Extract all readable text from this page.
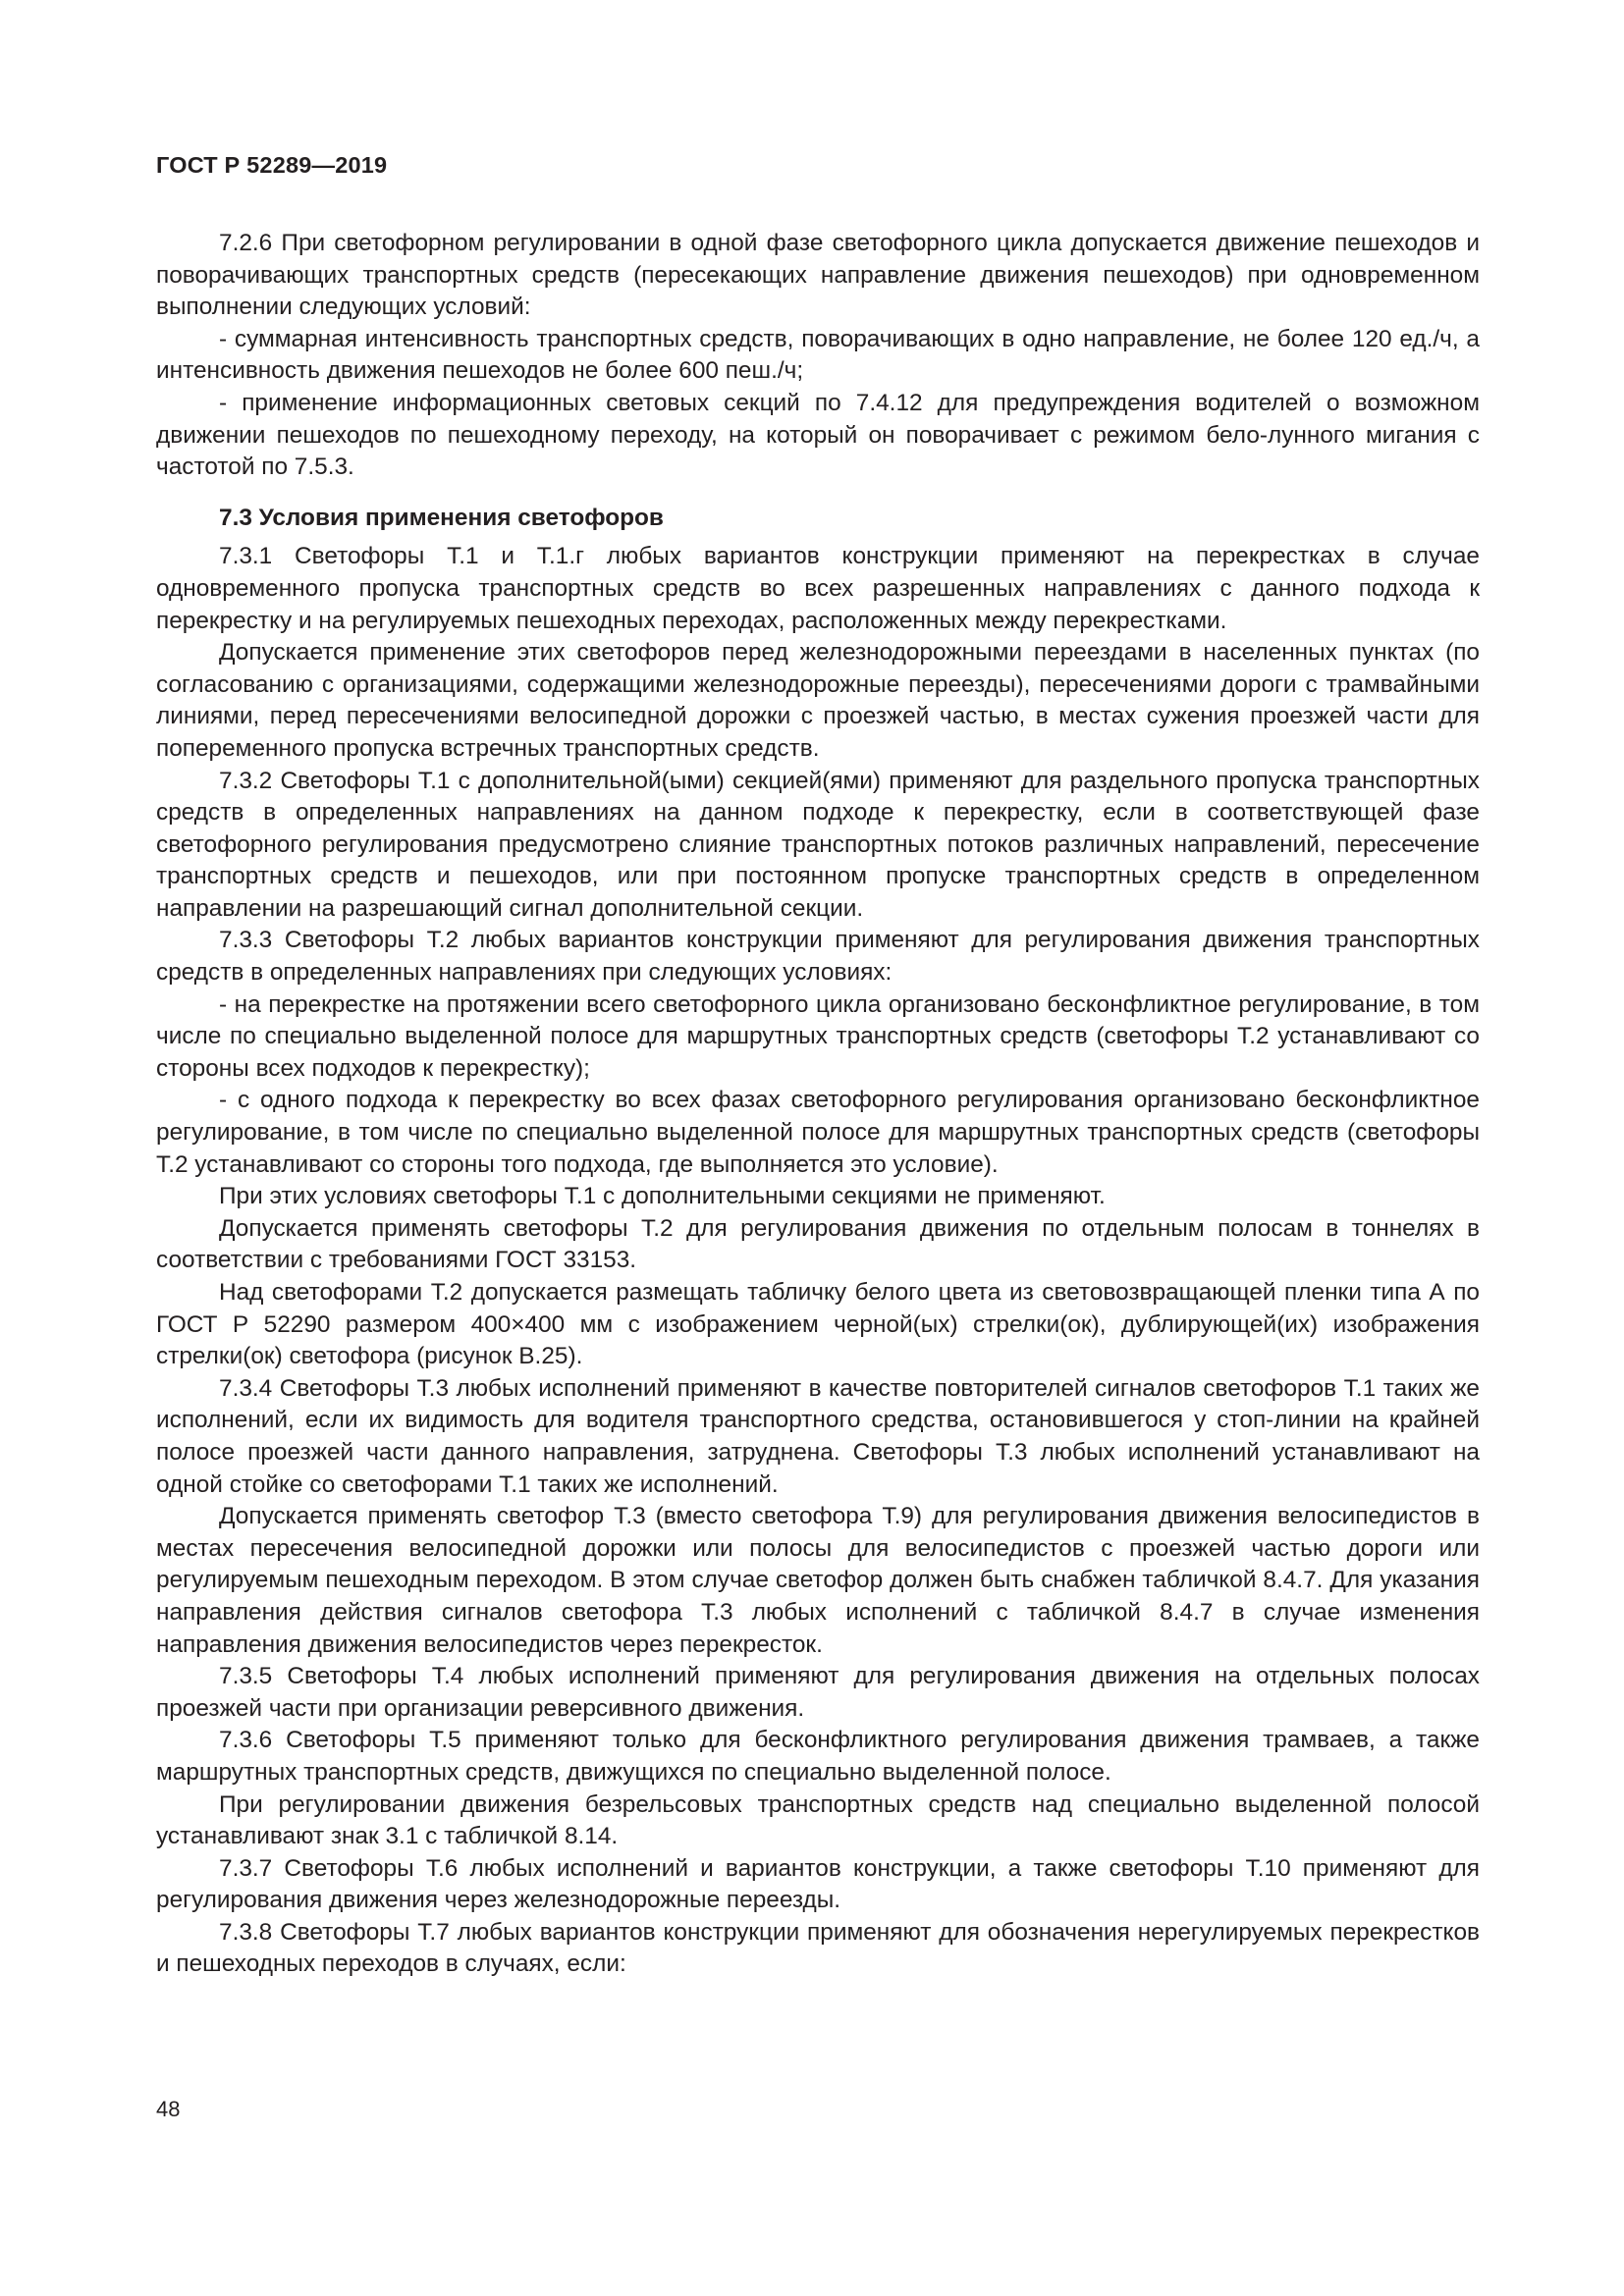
ГОСТ Р 52289—2019

7.2.6 При светофорном регулировании в одной фазе светофорного цикла допускается движение пешеходов и поворачивающих транспортных средств (пересекающих направление движения пешеходов) при одновременном выполнении следующих условий:

- суммарная интенсивность транспортных средств, поворачивающих в одно направление, не более 120 ед./ч, а интенсивность движения пешеходов не более 600 пеш./ч;

- применение информационных световых секций по 7.4.12 для предупреждения водителей о возможном движении пешеходов по пешеходному переходу, на который он поворачивает с режимом бело-лунного мигания с частотой по 7.5.3.

7.3 Условия применения светофоров

7.3.1 Светофоры Т.1 и Т.1.г любых вариантов конструкции применяют на перекрестках в случае одновременного пропуска транспортных средств во всех разрешенных направлениях с данного подхода к перекрестку и на регулируемых пешеходных переходах, расположенных между перекрестками.

Допускается применение этих светофоров перед железнодорожными переездами в населенных пунктах (по согласованию с организациями, содержащими железнодорожные переезды), пересечениями дороги с трамвайными линиями, перед пересечениями велосипедной дорожки с проезжей частью, в местах сужения проезжей части для попеременного пропуска встречных транспортных средств.

7.3.2 Светофоры Т.1 с дополнительной(ыми) секцией(ями) применяют для раздельного пропуска транспортных средств в определенных направлениях на данном подходе к перекрестку, если в соответствующей фазе светофорного регулирования предусмотрено слияние транспортных потоков различных направлений, пересечение транспортных средств и пешеходов, или при постоянном пропуске транспортных средств в определенном направлении на разрешающий сигнал дополнительной секции.

7.3.3 Светофоры Т.2 любых вариантов конструкции применяют для регулирования движения транспортных средств в определенных направлениях при следующих условиях:

- на перекрестке на протяжении всего светофорного цикла организовано бесконфликтное регулирование, в том числе по специально выделенной полосе для маршрутных транспортных средств (светофоры Т.2 устанавливают со стороны всех подходов к перекрестку);

- с одного подхода к перекрестку во всех фазах светофорного регулирования организовано бесконфликтное регулирование, в том числе по специально выделенной полосе для маршрутных транспортных средств (светофоры Т.2 устанавливают со стороны того подхода, где выполняется это условие).

При этих условиях светофоры Т.1 с дополнительными секциями не применяют.

Допускается применять светофоры Т.2 для регулирования движения по отдельным полосам в тоннелях в соответствии с требованиями ГОСТ 33153.

Над светофорами Т.2 допускается размещать табличку белого цвета из световозвращающей пленки типа А по ГОСТ Р 52290 размером 400×400 мм с изображением черной(ых) стрелки(ок), дублирующей(их) изображения стрелки(ок) светофора (рисунок В.25).

7.3.4 Светофоры Т.3 любых исполнений применяют в качестве повторителей сигналов светофоров Т.1 таких же исполнений, если их видимость для водителя транспортного средства, остановившегося у стоп-линии на крайней полосе проезжей части данного направления, затруднена. Светофоры Т.3 любых исполнений устанавливают на одной стойке со светофорами Т.1 таких же исполнений.

Допускается применять светофор Т.3 (вместо светофора Т.9) для регулирования движения велосипедистов в местах пересечения велосипедной дорожки или полосы для велосипедистов с проезжей частью дороги или регулируемым пешеходным переходом. В этом случае светофор должен быть снабжен табличкой 8.4.7. Для указания направления действия сигналов светофора Т.3 любых исполнений с табличкой 8.4.7 в случае изменения направления движения велосипедистов через перекресток.

7.3.5 Светофоры Т.4 любых исполнений применяют для регулирования движения на отдельных полосах проезжей части при организации реверсивного движения.

7.3.6 Светофоры Т.5 применяют только для бесконфликтного регулирования движения трамваев, а также маршрутных транспортных средств, движущихся по специально выделенной полосе.

При регулировании движения безрельсовых транспортных средств над специально выделенной полосой устанавливают знак 3.1 с табличкой 8.14.

7.3.7 Светофоры Т.6 любых исполнений и вариантов конструкции, а также светофоры Т.10 применяют для регулирования движения через железнодорожные переезды.

7.3.8 Светофоры Т.7 любых вариантов конструкции применяют для обозначения нерегулируемых перекрестков и пешеходных переходов в случаях, если:

48
